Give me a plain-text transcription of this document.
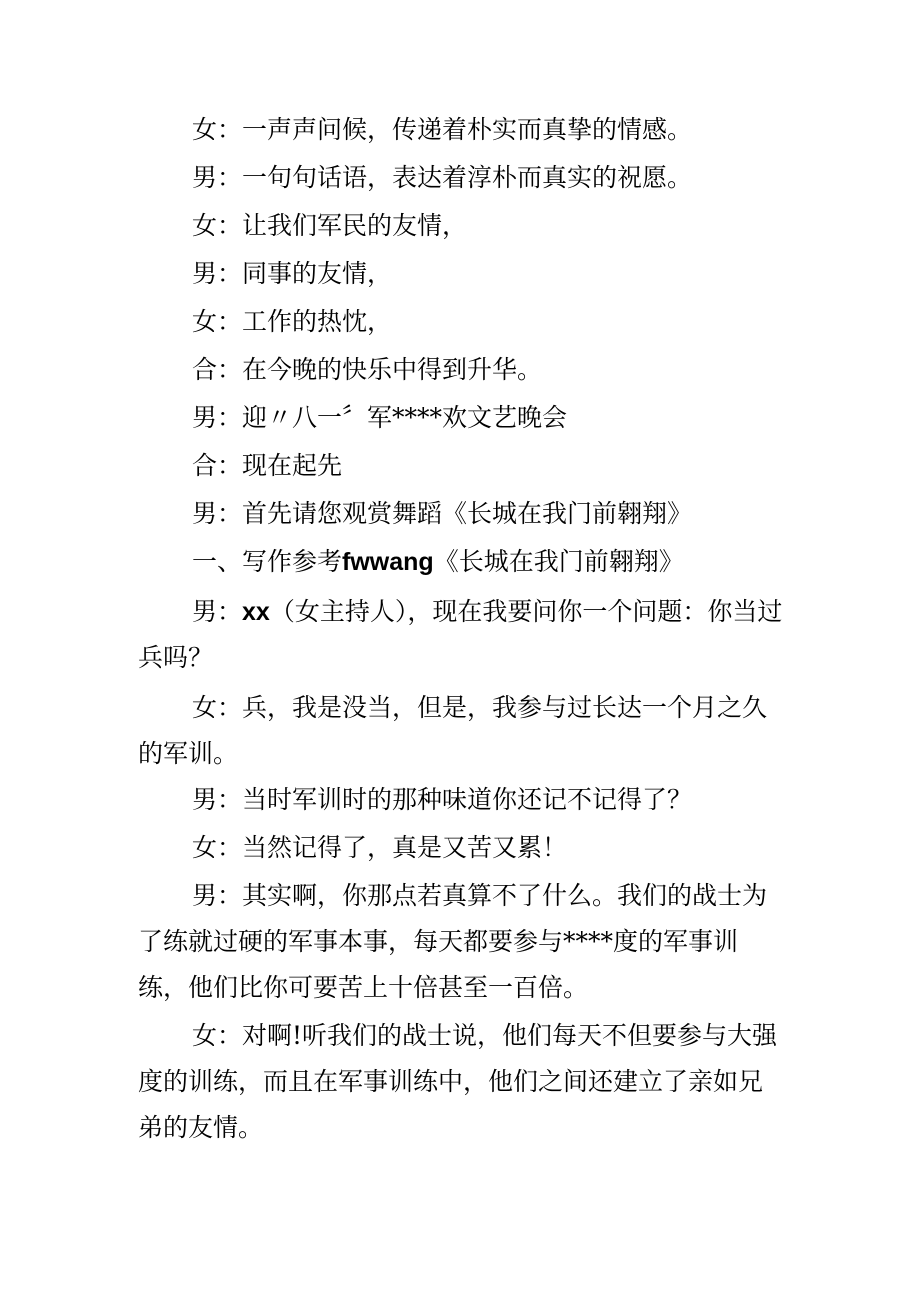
女：一声声问候，传递着朴实而真挚的情感。

男：一句句话语，表达着淳朴而真实的祝愿。

女：让我们军民的友情，

男：同事的友情，

女：工作的热忱，

合：在今晚的快乐中得到升华。

男：迎〃八一〞军****欢文艺晚会

合：现在起先

男：首先请您观赏舞蹈《长城在我门前翱翔》

一、写作参考fwwang《长城在我门前翱翔》

男：xx（女主持人），现在我要问你一个问题：你当过兵吗？

女：兵，我是没当，但是，我参与过长达一个月之久的军训。

男：当时军训时的那种味道你还记不记得了？

女：当然记得了，真是又苦又累！

男：其实啊，你那点若真算不了什么。我们的战士为了练就过硬的军事本事，每天都要参与****度的军事训练，他们比你可要苦上十倍甚至一百倍。

女：对啊!听我们的战士说，他们每天不但要参与大强度的训练，而且在军事训练中，他们之间还建立了亲如兄弟的友情。
